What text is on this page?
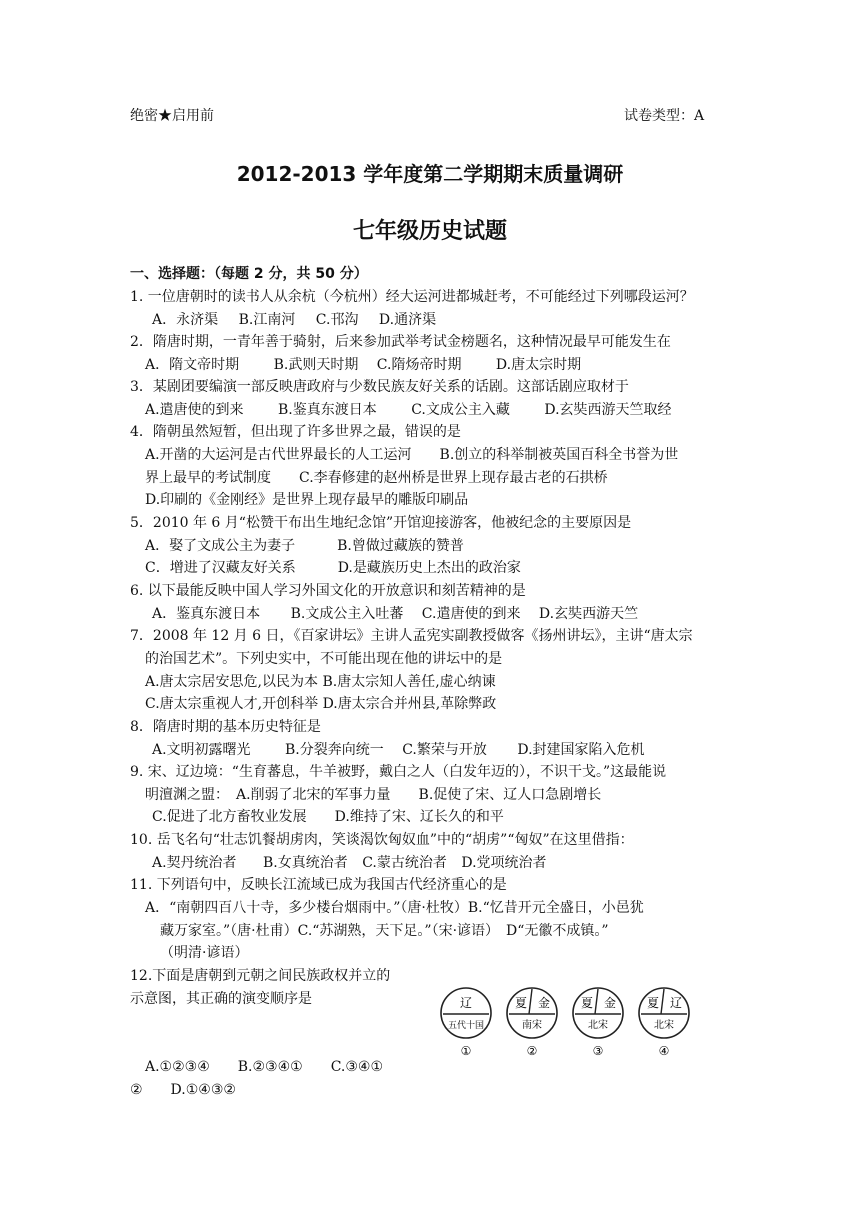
绝密★启用前	试卷类型：A
2012-2013 学年度第二学期期末质量调研
七年级历史试题
一、选择题：（每题 2 分，共 50 分）
1. 一位唐朝时的读书人从余杭（今杭州）经大运河进都城赶考，不可能经过下列哪段运河？
A．永济渠 B.江南河 C.邗沟 D.通济渠
2．隋唐时期，一青年善于骑射，后来参加武举考试金榜题名，这种情况最早可能发生在
A．隋文帝时期 B.武则天时期 C.隋炀帝时期 D.唐太宗时期
3．某剧团要编演一部反映唐政府与少数民族友好关系的话剧。这部话剧应取材于
A.遣唐使的到来 B.鉴真东渡日本 C.文成公主入藏 D.玄奘西游天竺取经
4．隋朝虽然短暂，但出现了许多世界之最，错误的是
A.开凿的大运河是古代世界最长的人工运河　　B.创立的科举制被英国百科全书誉为世
界上最早的考试制度　　C.李春修建的赵州桥是世界上现存最古老的石拱桥
D.印刷的《金刚经》是世界上现存最早的雕版印刷品
5．2010 年 6 月“松赞干布出生地纪念馆”开馆迎接游客，他被纪念的主要原因是
A．娶了文成公主为妻子　　　B.曾做过藏族的赞普
C．增进了汉藏友好关系　　　D.是藏族历史上杰出的政治家
6. 以下最能反映中国人学习外国文化的开放意识和刻苦精神的是
A．鉴真东渡日本 B.文成公主入吐蕃 C.遣唐使的到来 D.玄奘西游天竺
7．2008 年 12 月 6 日，《百家讲坛》主讲人孟宪实副教授做客《扬州讲坛》，主讲“唐太宗
的治国艺术”。下列史实中，不可能出现在他的讲坛中的是
A.唐太宗居安思危,以民为本 B.唐太宗知人善任,虚心纳谏
C.唐太宗重视人才,开创科举 D.唐太宗合并州县,革除弊政
8．隋唐时期的基本历史特征是
A.文明初露曙光 B.分裂奔向统一 C.繁荣与开放 D.封建国家陷入危机
9. 宋、辽边境：“生育蕃息，牛羊被野，戴白之人（白发年迈的），不识干戈。”这最能说
明澶渊之盟：　A.削弱了北宋的军事力量　　B.促使了宋、辽人口急剧增长
C.促进了北方畜牧业发展　　D.维持了宋、辽长久的和平
10. 岳飞名句“壮志饥餐胡虏肉，笑谈渴饮匈奴血”中的“胡虏”“匈奴”在这里借指：
A.契丹统治者 B.女真统治者 C.蒙古统治者 D.党项统治者
11. 下列语句中，反映长江流域已成为我国古代经济重心的是
A．“南朝四百八十寺，多少楼台烟雨中。”（唐·杜牧）B.“忆昔开元全盛日，小邑犹
藏万家室。”（唐·杜甫）C.“苏湖熟，天下足。”（宋·谚语）　D“无徽不成镇。”
（明清·谚语）
12.下面是唐朝到元朝之间民族政权并立的
示意图，其正确的演变顺序是
A.①②③④　　B.②③④①　　C.③④①
②　　D.①④③②
辽
五代十国
①
夏 金
南宋
②
夏 金
北宋
③
夏 辽
北宋
④
